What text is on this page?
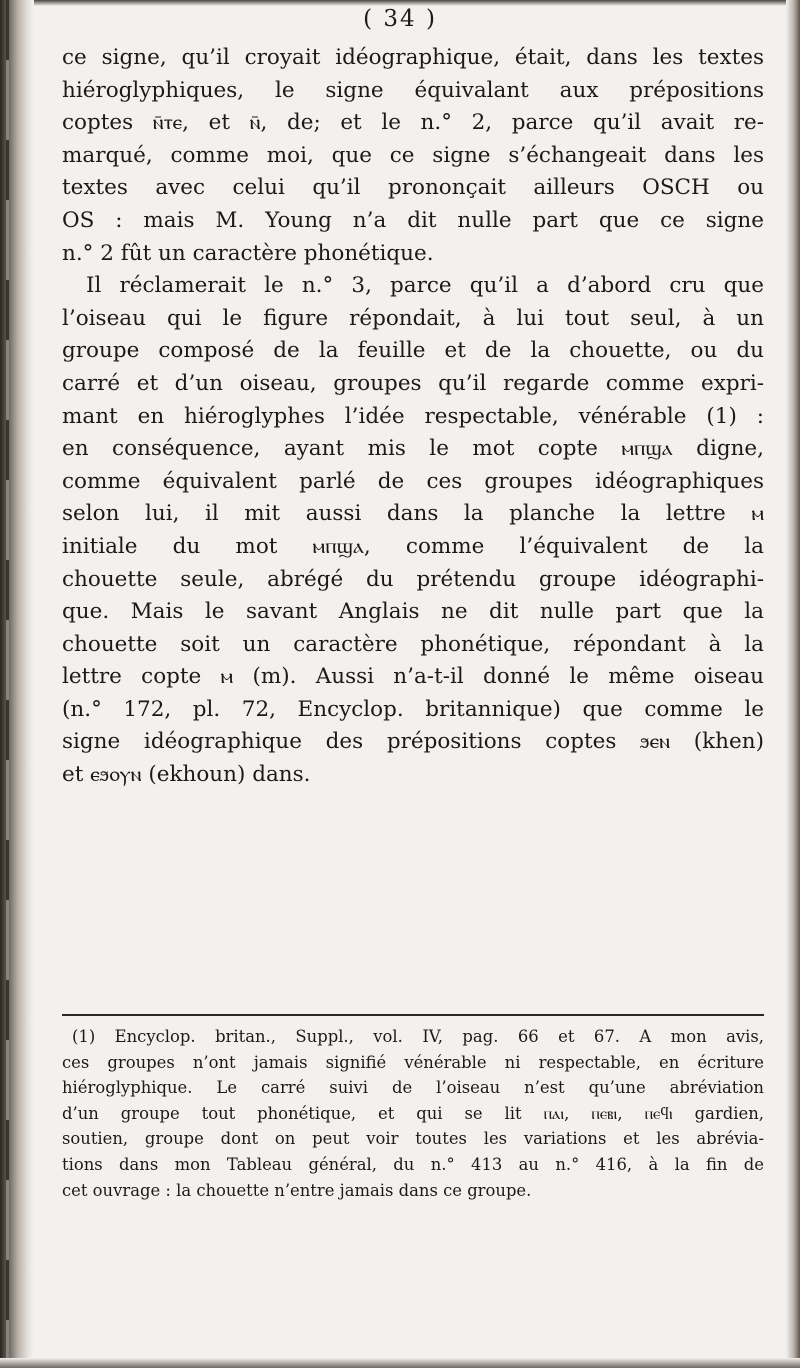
( 34 )
ce signe, qu’il croyait idéographique, était, dans les textes
hiéroglyphiques, le signe équivalant aux prépositions
coptes ⲛ̄ⲧⲉ, et ⲛ̄, de; et le n.° 2, parce qu’il avait re-
marqué, comme moi, que ce signe s’échangeait dans les
textes avec celui qu’il prononçait ailleurs OSCH ou
OS : mais M. Young n’a dit nulle part que ce signe
n.° 2 fût un caractère phonétique.
Il réclamerait le n.° 3, parce qu’il a d’abord cru que
l’oiseau qui le figure répondait, à lui tout seul, à un
groupe composé de la feuille et de la chouette, ou du
carré et d’un oiseau, groupes qu’il regarde comme expri-
mant en hiéroglyphes l’idée respectable, vénérable (1) :
en conséquence, ayant mis le mot copte ⲙⲡϣⲁ digne,
comme équivalent parlé de ces groupes idéographiques
selon lui, il mit aussi dans la planche la lettre ⲙ
initiale du mot ⲙⲡϣⲁ, comme l’équivalent de la
chouette seule, abrégé du prétendu groupe idéographi-
que. Mais le savant Anglais ne dit nulle part que la
chouette soit un caractère phonétique, répondant à la
lettre copte ⲙ (m). Aussi n’a-t-il donné le même oiseau
(n.° 172, pl. 72, Encyclop. britannique) que comme le
signe idéographique des prépositions coptes ϧⲉⲛ (khen)
et ⲉϧⲟⲩⲛ (ekhoun) dans.
(1) Encyclop. britan., Suppl., vol. IV, pag. 66 et 67. A mon avis,
ces groupes n’ont jamais signifié vénérable ni respectable, en écriture
hiéroglyphique. Le carré suivi de l’oiseau n’est qu’une abréviation
d’un groupe tout phonétique, et qui se lit ⲡⲁⲓ, ⲡⲉⲃⲓ, ⲡⲉϥⲓ gardien,
soutien, groupe dont on peut voir toutes les variations et les abrévia-
tions dans mon Tableau général, du n.° 413 au n.° 416, à la fin de
cet ouvrage : la chouette n’entre jamais dans ce groupe.
